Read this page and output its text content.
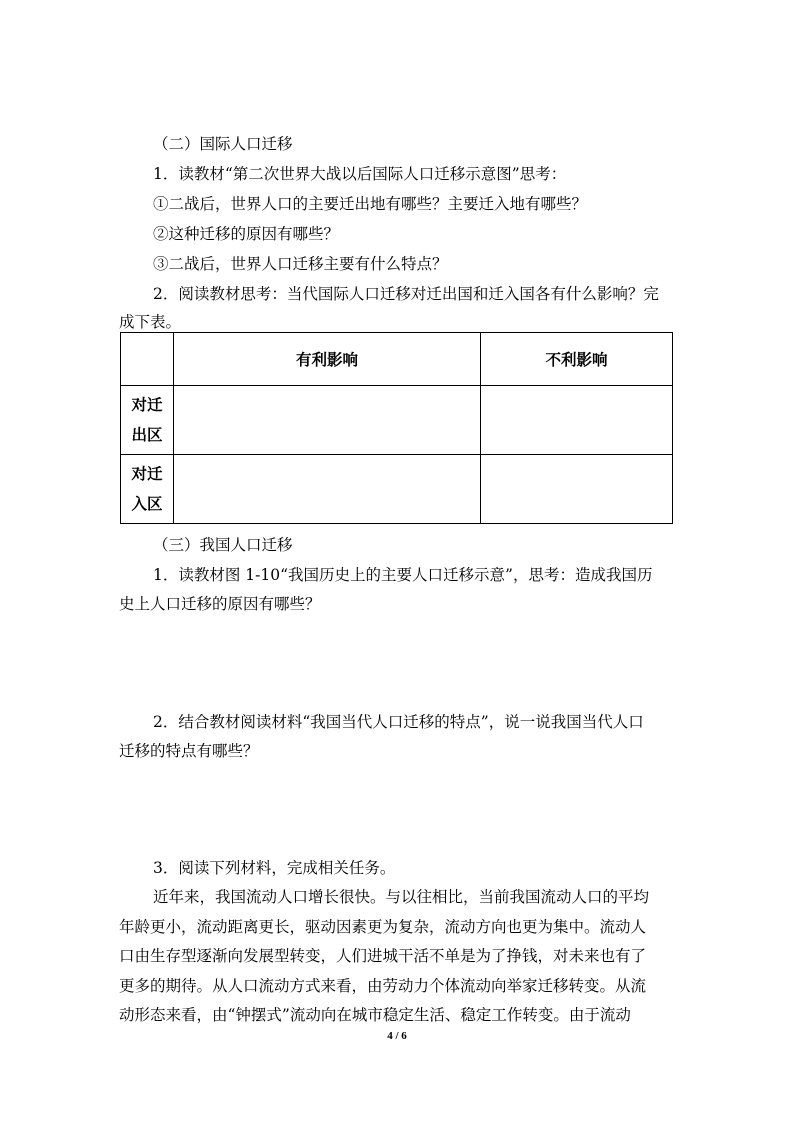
（二）国际人口迁移
1．读教材“第二次世界大战以后国际人口迁移示意图”思考：
①二战后，世界人口的主要迁出地有哪些？主要迁入地有哪些？
②这种迁移的原因有哪些？
③二战后，世界人口迁移主要有什么特点？
2．阅读教材思考：当代国际人口迁移对迁出国和迁入国各有什么影响？完
成下表。
	有利影响	不利影响

对迁
出区		

对迁
入区		

（三）我国人口迁移
1．读教材图 1-10“我国历史上的主要人口迁移示意”，思考：造成我国历
史上人口迁移的原因有哪些？
2．结合教材阅读材料“我国当代人口迁移的特点”，说一说我国当代人口
迁移的特点有哪些？
3．阅读下列材料，完成相关任务。
近年来，我国流动人口增长很快。与以往相比，当前我国流动人口的平均
年龄更小，流动距离更长，驱动因素更为复杂，流动方向也更为集中。流动人
口由生存型逐渐向发展型转变，人们进城干活不单是为了挣钱，对未来也有了
更多的期待。从人口流动方式来看，由劳动力个体流动向举家迁移转变。从流
动形态来看，由“钟摆式”流动向在城市稳定生活、稳定工作转变。由于流动
4 / 6
